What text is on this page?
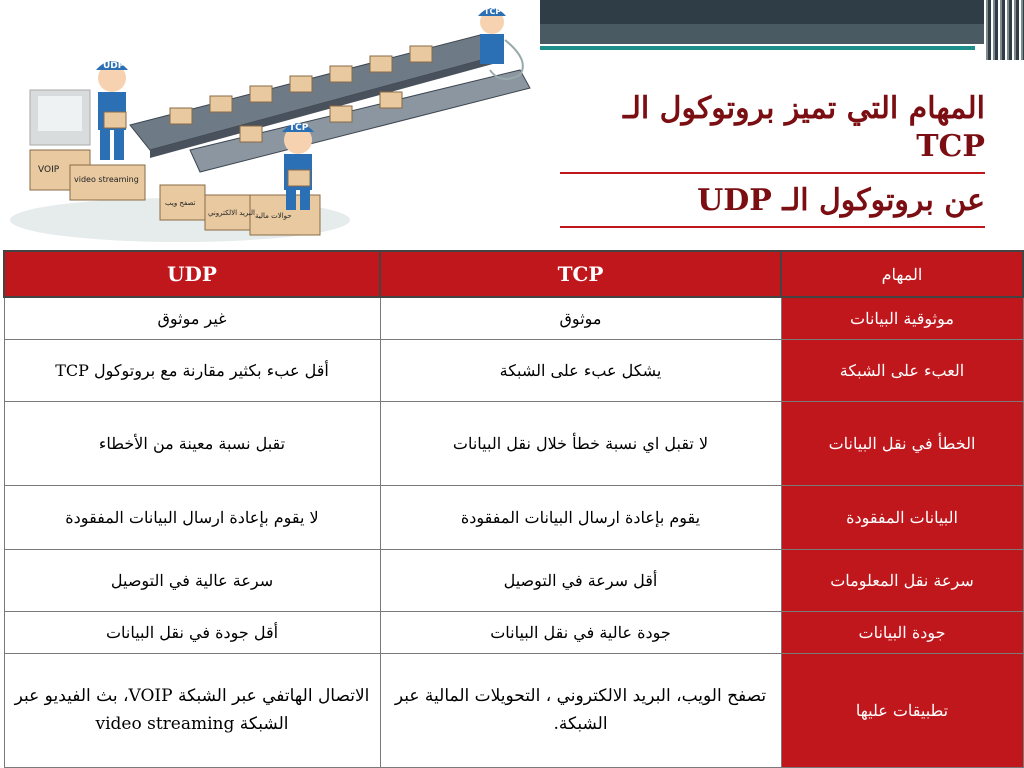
VOIP
video streaming
تصفح ويب
البريد الالكتروني حوالات مالية
UDP
TCP
TCP
المهام التي تميز بروتوكول الـ TCP
عن بروتوكول الـ UDP
المهام	TCP	UDP
موثوقية البيانات	موثوق	غير موثوق
العبء على الشبكة	يشكل عبء على الشبكة	أقل عبء بكثير مقارنة مع بروتوكول TCP
الخطأ في نقل البيانات	لا تقبل اي نسبة خطأ خلال نقل البيانات	تقبل نسبة معينة من الأخطاء
البيانات المفقودة	يقوم بإعادة ارسال البيانات المفقودة	لا يقوم بإعادة ارسال البيانات المفقودة
سرعة نقل المعلومات	أقل سرعة في التوصيل	سرعة عالية في التوصيل
جودة البيانات	جودة عالية في نقل البيانات	أقل جودة في نقل البيانات
تطبيقات عليها	تصفح الويب، البريد الالكتروني ، التحويلات المالية عبر الشبكة.	الاتصال الهاتفي عبر الشبكة VOIP، بث الفيديو عبر الشبكة video streaming
